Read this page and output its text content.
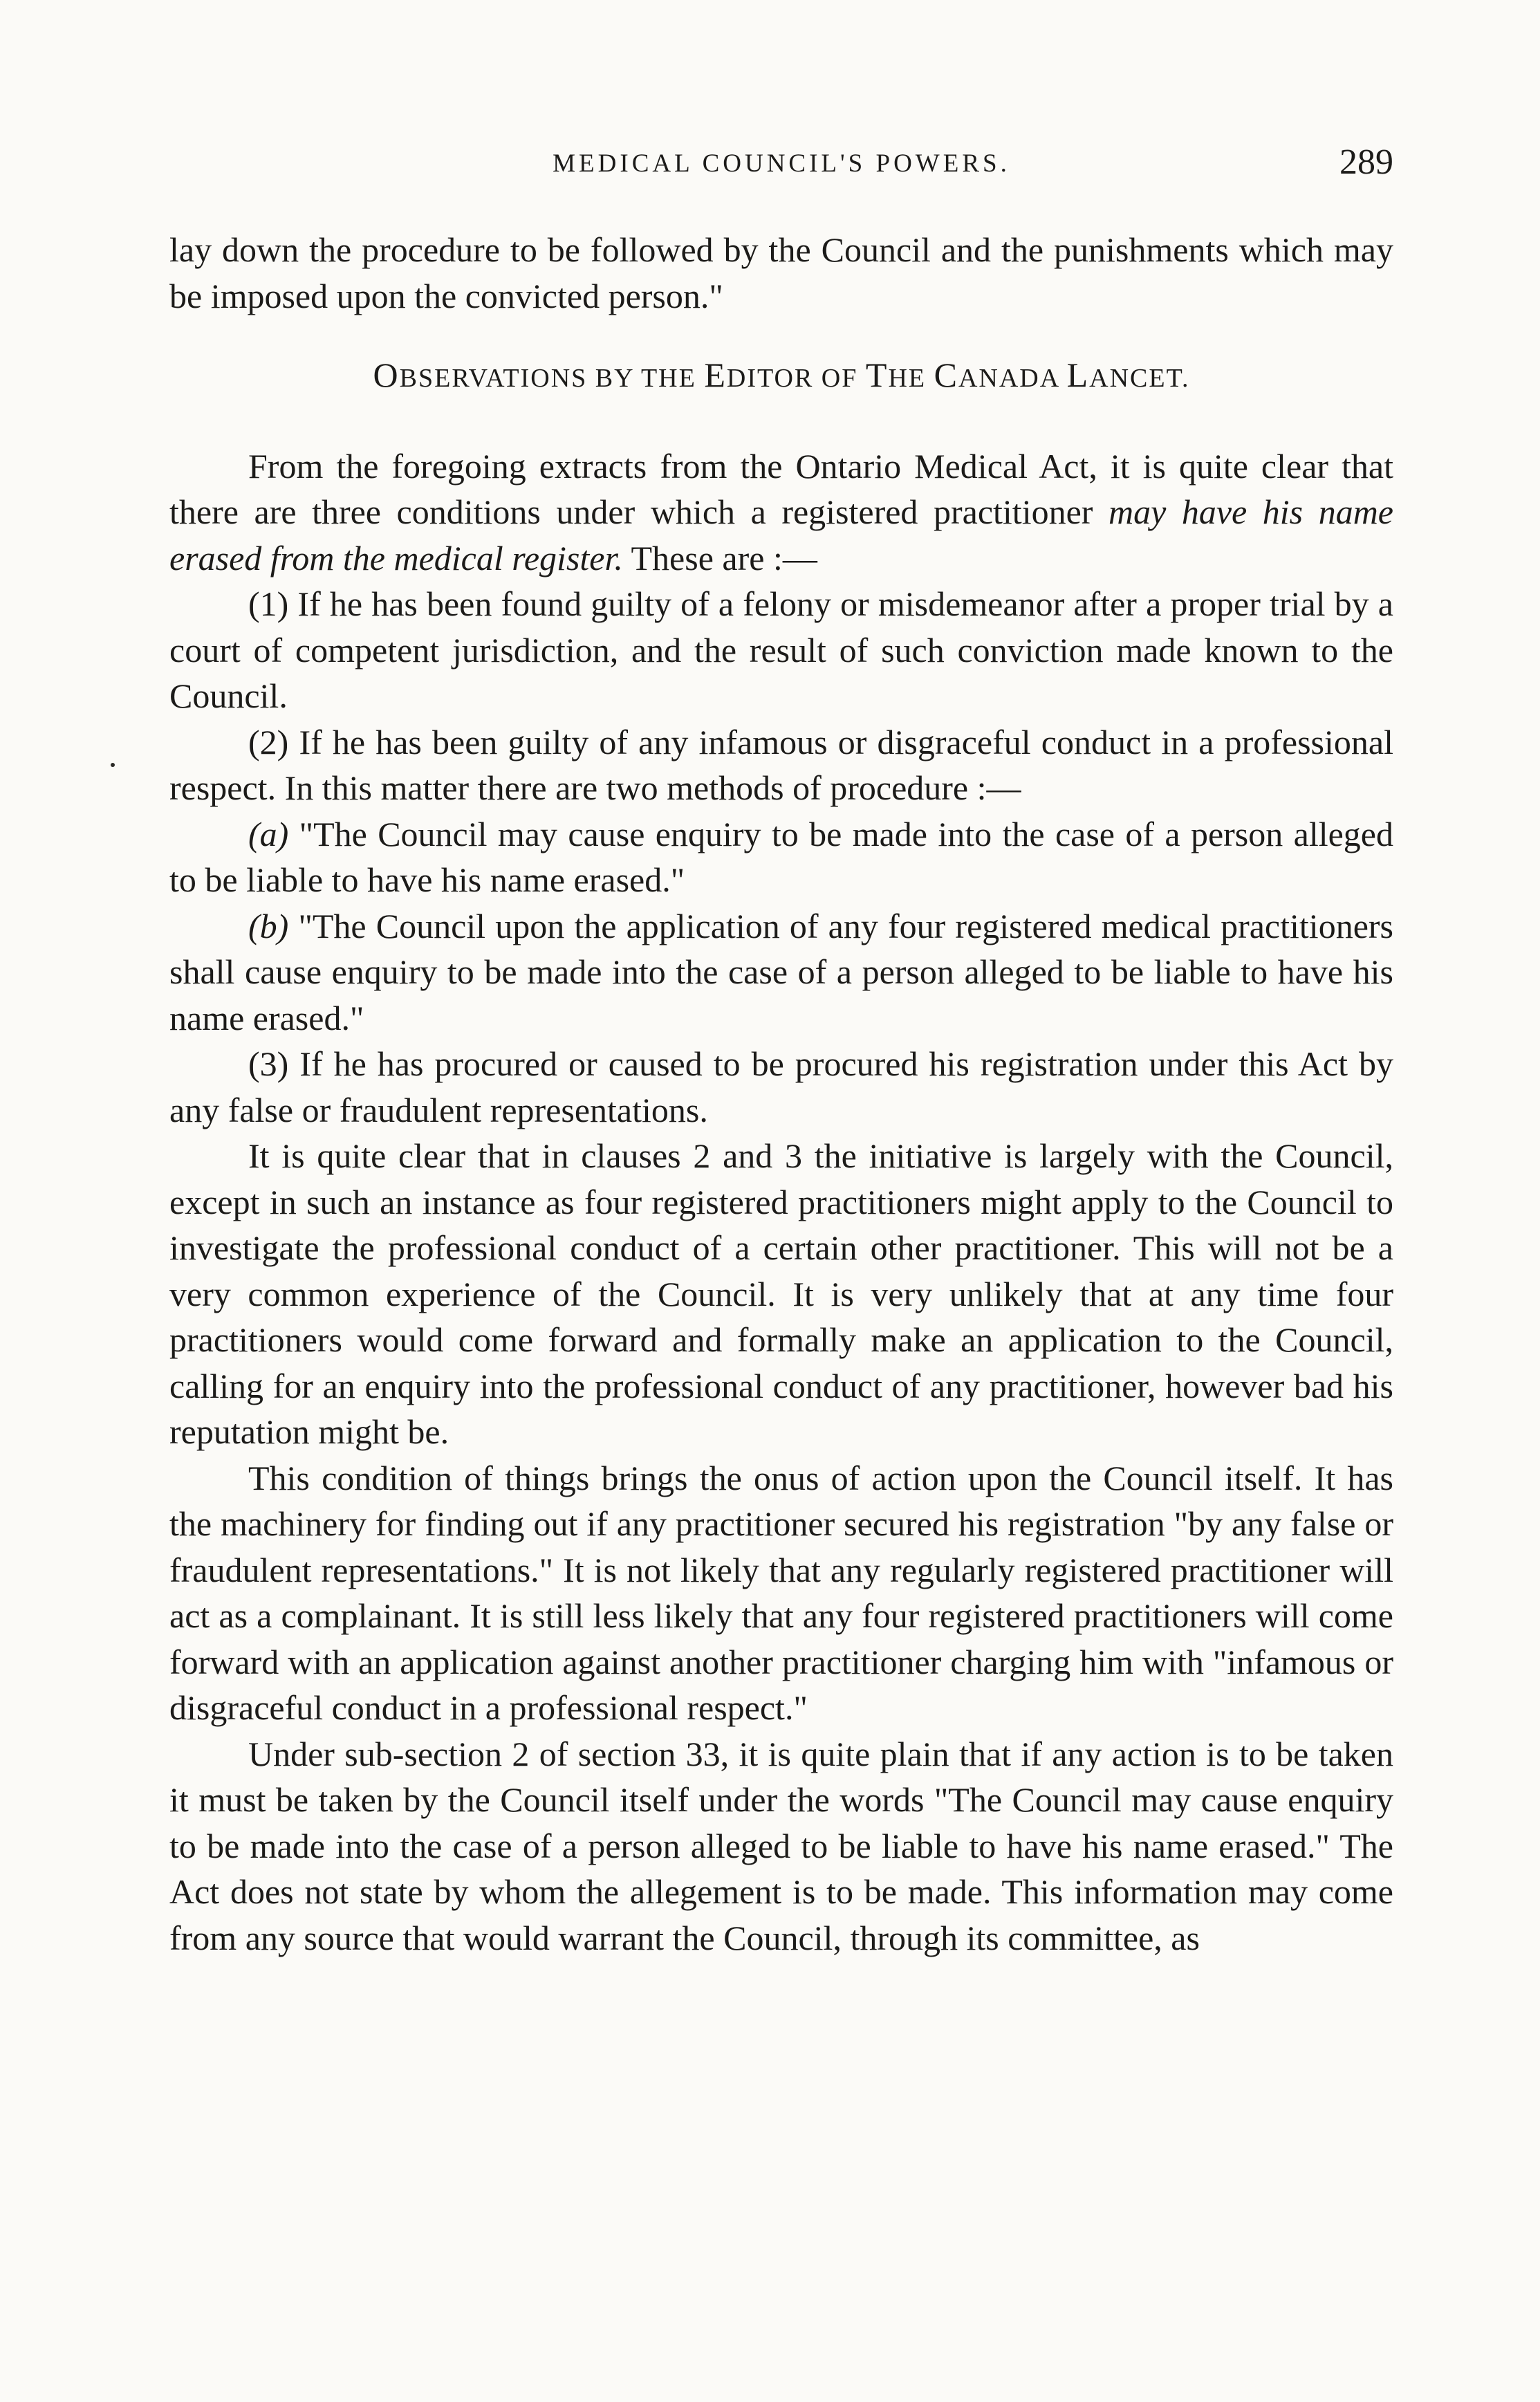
MEDICAL COUNCIL'S POWERS.	289

lay down the procedure to be followed by the Council and the punishments which may be imposed upon the convicted person."

OBSERVATIONS BY THE EDITOR OF THE CANADA LANCET.

From the foregoing extracts from the Ontario Medical Act, it is quite clear that there are three conditions under which a registered practitioner may have his name erased from the medical register. These are :—

(1) If he has been found guilty of a felony or misdemeanor after a proper trial by a court of competent jurisdiction, and the result of such conviction made known to the Council.

(2) If he has been guilty of any infamous or disgraceful conduct in a professional respect. In this matter there are two methods of procedure :—

(a) "The Council may cause enquiry to be made into the case of a person alleged to be liable to have his name erased."

(b) "The Council upon the application of any four registered medical practitioners shall cause enquiry to be made into the case of a person alleged to be liable to have his name erased."

(3) If he has procured or caused to be procured his registration under this Act by any false or fraudulent representations.

It is quite clear that in clauses 2 and 3 the initiative is largely with the Council, except in such an instance as four registered practitioners might apply to the Council to investigate the professional conduct of a certain other practitioner. This will not be a very common experience of the Council. It is very unlikely that at any time four practitioners would come forward and formally make an application to the Council, calling for an enquiry into the professional conduct of any practitioner, however bad his reputation might be.

This condition of things brings the onus of action upon the Council itself. It has the machinery for finding out if any practitioner secured his registration "by any false or fraudulent representations." It is not likely that any regularly registered practitioner will act as a complainant. It is still less likely that any four registered practitioners will come forward with an application against another practitioner charging him with "infamous or disgraceful conduct in a professional respect."

Under sub-section 2 of section 33, it is quite plain that if any action is to be taken it must be taken by the Council itself under the words "The Council may cause enquiry to be made into the case of a person alleged to be liable to have his name erased." The Act does not state by whom the allegement is to be made. This information may come from any source that would warrant the Council, through its committee, as
